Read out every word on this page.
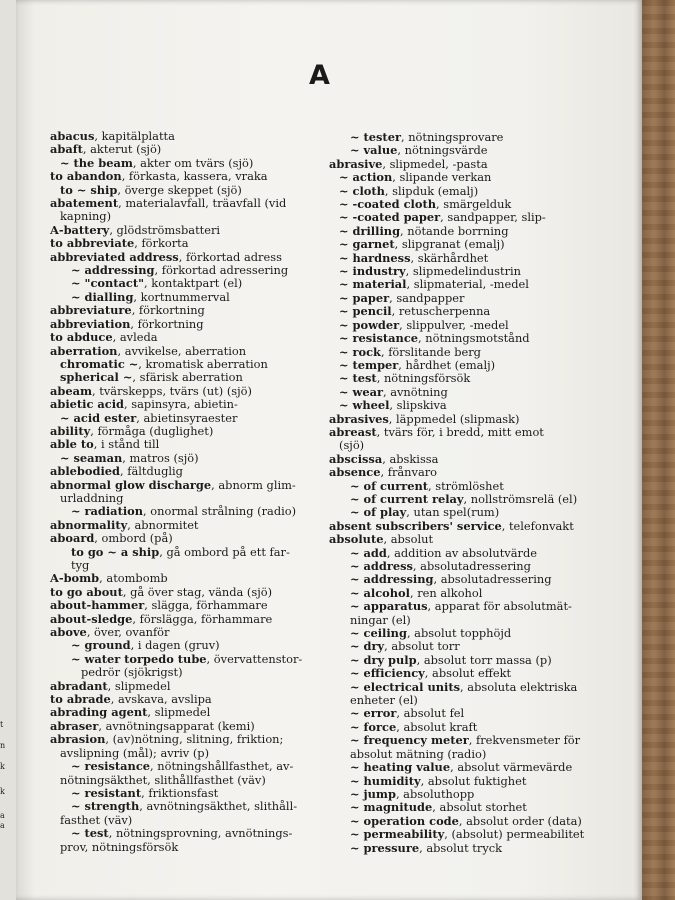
t
n
k
k
a
a
A
abacus, kapitälplatta
abaft, akterut (sjö)
~ the beam, akter om tvärs (sjö)
to abandon, förkasta, kassera, vraka
to ~ ship, överge skeppet (sjö)
abatement, materialavfall, träavfall (vid
kapning)
A-battery, glödströmsbatteri
to abbreviate, förkorta
abbreviated address, förkortad adress
~ addressing, förkortad adressering
~ "contact", kontaktpart (el)
~ dialling, kortnummerval
abbreviature, förkortning
abbreviation, förkortning
to abduce, avleda
aberration, avvikelse, aberration
chromatic ~, kromatisk aberration
spherical ~, sfärisk aberration
abeam, tvärskepps, tvärs (ut) (sjö)
abietic acid, sapinsyra, abietin-
~ acid ester, abietinsyraester
ability, förmåga (duglighet)
able to, i stånd till
~ seaman, matros (sjö)
ablebodied, fältduglig
abnormal glow discharge, abnorm glim-
urladdning
~ radiation, onormal strålning (radio)
abnormality, abnormitet
aboard, ombord (på)
to go ~ a ship, gå ombord på ett far-
tyg
A-bomb, atombomb
to go about, gå över stag, vända (sjö)
about-hammer, slägga, förhammare
about-sledge, förslägga, förhammare
above, över, ovanför
~ ground, i dagen (gruv)
~ water torpedo tube, övervattenstor-
pedrör (sjökrigst)
abradant, slipmedel
to abrade, avskava, avslipa
abrading agent, slipmedel
abraser, avnötningsapparat (kemi)
abrasion, (av)nötning, slitning, friktion;
avslipning (mål); avriv (p)
~ resistance, nötningshållfasthet, av-
nötningsäkthet, slithållfasthet (väv)
~ resistant, friktionsfast
~ strength, avnötningsäkthet, slithåll-
fasthet (väv)
~ test, nötningsprovning, avnötnings-
prov, nötningsförsök
~ tester, nötningsprovare
~ value, nötningsvärde
abrasive, slipmedel, -pasta
~ action, slipande verkan
~ cloth, slipduk (emalj)
~ -coated cloth, smärgelduk
~ -coated paper, sandpapper, slip-
~ drilling, nötande borrning
~ garnet, slipgranat (emalj)
~ hardness, skärhårdhet
~ industry, slipmedelindustrin
~ material, slipmaterial, -medel
~ paper, sandpapper
~ pencil, retuscherpenna
~ powder, slippulver, -medel
~ resistance, nötningsmotstånd
~ rock, förslitande berg
~ temper, hårdhet (emalj)
~ test, nötningsförsök
~ wear, avnötning
~ wheel, slipskiva
abrasives, läppmedel (slipmask)
abreast, tvärs för, i bredd, mitt emot
(sjö)
abscissa, abskissa
absence, frånvaro
~ of current, strömlöshet
~ of current relay, nollströmsrelä (el)
~ of play, utan spel(rum)
absent subscribers' service, telefonvakt
absolute, absolut
~ add, addition av absolutvärde
~ address, absolutadressering
~ addressing, absolutadressering
~ alcohol, ren alkohol
~ apparatus, apparat för absolutmät-
ningar (el)
~ ceiling, absolut topphöjd
~ dry, absolut torr
~ dry pulp, absolut torr massa (p)
~ efficiency, absolut effekt
~ electrical units, absoluta elektriska
enheter (el)
~ error, absolut fel
~ force, absolut kraft
~ frequency meter, frekvensmeter för
absolut mätning (radio)
~ heating value, absolut värmevärde
~ humidity, absolut fuktighet
~ jump, absoluthopp
~ magnitude, absolut storhet
~ operation code, absolut order (data)
~ permeability, (absolut) permeabilitet
~ pressure, absolut tryck
